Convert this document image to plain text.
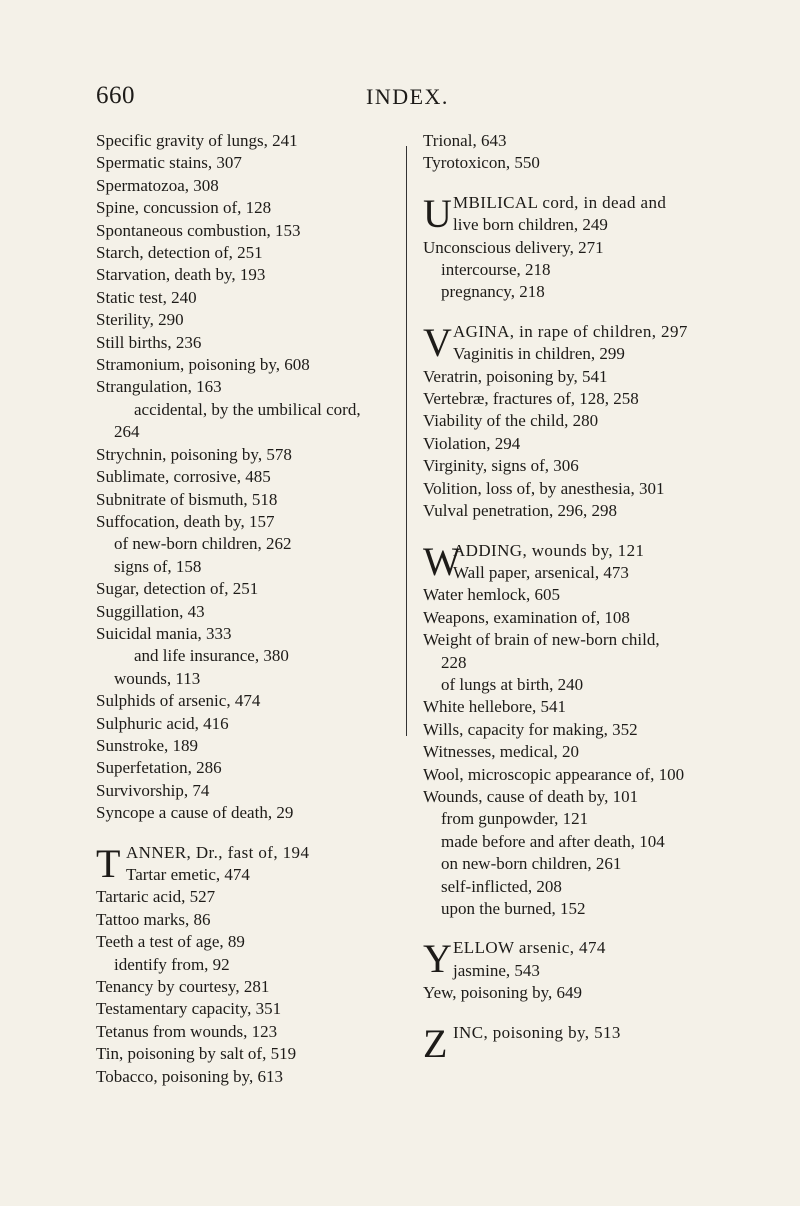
660	INDEX.
Specific gravity of lungs, 241
Spermatic stains, 307
Spermatozoa, 308
Spine, concussion of, 128
Spontaneous combustion, 153
Starch, detection of, 251
Starvation, death by, 193
Static test, 240
Sterility, 290
Still births, 236
Stramonium, poisoning by, 608
Strangulation, 163
accidental, by the umbilical cord,
264
Strychnin, poisoning by, 578
Sublimate, corrosive, 485
Subnitrate of bismuth, 518
Suffocation, death by, 157
of new-born children, 262
signs of, 158
Sugar, detection of, 251
Suggillation, 43
Suicidal mania, 333
and life insurance, 380
wounds, 113
Sulphids of arsenic, 474
Sulphuric acid, 416
Sunstroke, 189
Superfetation, 286
Survivorship, 74
Syncope a cause of death, 29
T ANNER, Dr., fast of, 194
Tartar emetic, 474
Tartaric acid, 527
Tattoo marks, 86
Teeth a test of age, 89
identify from, 92
Tenancy by courtesy, 281
Testamentary capacity, 351
Tetanus from wounds, 123
Tin, poisoning by salt of, 519
Tobacco, poisoning by, 613
Trional, 643
Tyrotoxicon, 550
U MBILICAL cord, in dead and
live born children, 249
Unconscious delivery, 271
intercourse, 218
pregnancy, 218
V AGINA, in rape of children, 297
Vaginitis in children, 299
Veratrin, poisoning by, 541
Vertebræ, fractures of, 128, 258
Viability of the child, 280
Violation, 294
Virginity, signs of, 306
Volition, loss of, by anesthesia, 301
Vulval penetration, 296, 298
W
ADDING, wounds by, 121
Wall paper, arsenical, 473
Water hemlock, 605
Weapons, examination of, 108
Weight of brain of new-born child,
228
of lungs at birth, 240
White hellebore, 541
Wills, capacity for making, 352
Witnesses, medical, 20
Wool, microscopic appearance of, 100
Wounds, cause of death by, 101
from gunpowder, 121
made before and after death, 104
on new-born children, 261
self-inflicted, 208
upon the burned, 152
Y ELLOW arsenic, 474
jasmine, 543
Yew, poisoning by, 649
Z INC, poisoning by, 513
